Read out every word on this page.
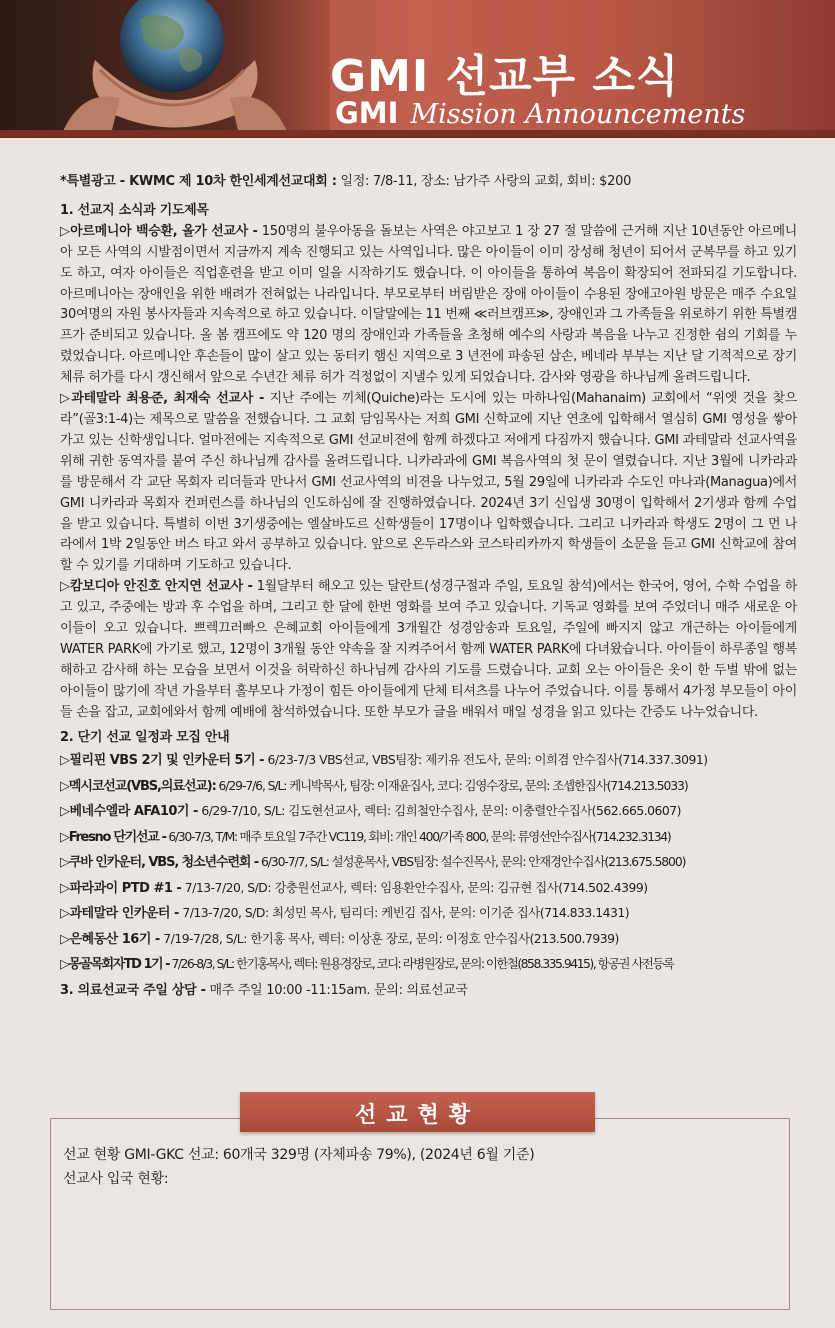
GMI 선교부 소식
GMI Mission Announcements

*특별광고 - KWMC 제 10차 한인세계선교대회 : 일정: 7/8-11, 장소: 남가주 사랑의 교회, 회비: $200

1. 선교지 소식과 기도제목

▷아르메니아 백승환, 올가 선교사 - 150명의 불우아동을 돌보는 사역은 야고보고 1 장 27 절 말씀에 근거해 지난 10년동안 아르메니아 모든 사역의 시발점이면서 지금까지 계속 진행되고 있는 사역입니다. 많은 아이들이 이미 장성해 청년이 되어서 군복무를 하고 있기도 하고, 여자 아이들은 직업훈련을 받고 이미 일을 시작하기도 했습니다. 이 아이들을 통하여 복음이 확장되어 전파되길 기도합니다. 아르메니아는 장애인을 위한 배려가 전혀없는 나라입니다. 부모로부터 버림받은 장애 아이들이 수용된 장애고아원 방문은 매주 수요일 30여명의 자원 봉사자들과 지속적으로 하고 있습니다. 이달말에는 11 번째 ≪러브캠프≫, 장애인과 그 가족들을 위로하기 위한 특별캠프가 준비되고 있습니다. 올 봄 캠프에도 약 120 명의 장애인과 가족들을 초청해 예수의 사랑과 복음을 나누고 진정한 쉼의 기회를 누렸었습니다. 아르메니안 후손들이 많이 살고 있는 동터키 햄신 지역으로 3 년전에 파송된 삼손, 베네라 부부는 지난 달 기적적으로 장기체류 허가를 다시 갱신해서 앞으로 수년간 체류 허가 걱정없이 지낼수 있게 되었습니다. 감사와 영광을 하나님께 올려드립니다.

▷과테말라 최용준, 최재숙 선교사 - 지난 주에는 끼체(Quiche)라는 도시에 있는 마하나임(Mahanaim) 교회에서 “위엣 것을 찾으라”(골3:1-4)는 제목으로 말씀을 전했습니다. 그 교회 담임목사는 저희 GMI 신학교에 지난 연초에 입학해서 열심히 GMI 영성을 쌓아가고 있는 신학생입니다. 얼마전에는 지속적으로 GMI 선교비젼에 함께 하겠다고 저에게 다짐까지 했습니다. GMI 과테말라 선교사역을 위해 귀한 동역자를 붙여 주신 하나님께 감사를 올려드립니다. 니카라과에 GMI 복음사역의 첫 문이 열렸습니다. 지난 3월에 니카라과를 방문해서 각 교단 목회자 리더들과 만나서 GMI 선교사역의 비젼을 나누었고, 5월 29일에 니카라과 수도인 마나과(Managua)에서 GMI 니카라과 목회자 컨퍼런스를 하나님의 인도하심에 잘 진행하였습니다. 2024년 3기 신입생 30명이 입학해서 2기생과 함께 수업을 받고 있습니다. 특별히 이번 3기생중에는 엘살바도르 신학생들이 17명이나 입학했습니다. 그리고 니카라과 학생도 2명이 그 먼 나라에서 1박 2일동안 버스 타고 와서 공부하고 있습니다. 앞으로 온두라스와 코스타리카까지 학생들이 소문을 듣고 GMI 신학교에 참여할 수 있기를 기대하며 기도하고 있습니다.

▷캄보디아 안진호 안지연 선교사 - 1월달부터 해오고 있는 달란트(성경구절과 주일, 토요일 참석)에서는 한국어, 영어, 수학 수업을 하고 있고, 주중에는 방과 후 수업을 하며, 그리고 한 달에 한번 영화를 보여 주고 있습니다. 기독교 영화를 보여 주었더니 매주 새로운 아이들이 오고 있습니다. 쁘렉끄러빠으 은혜교회 아이들에게 3개월간 성경암송과 토요일, 주일에 빠지지 않고 개근하는 아이들에게 WATER PARK에 가기로 했고, 12명이 3개월 동안 약속을 잘 지켜주어서 함께 WATER PARK에 다녀왔습니다. 아이들이 하루종일 행복해하고 감사해 하는 모습을 보면서 이것을 허락하신 하나님께 감사의 기도를 드렸습니다. 교회 오는 아이들은 옷이 한 두벌 밖에 없는 아이들이 많기에 작년 가을부터 홀부모나 가정이 힘든 아이들에게 단체 티셔츠를 나누어 주었습니다. 이를 통해서 4가정 부모들이 아이들 손을 잡고, 교회에와서 함께 예배에 참석하였습니다. 또한 부모가 글을 배워서 매일 성경을 읽고 있다는 간증도 나누었습니다.

2. 단기 선교 일정과 모집 안내

▷필리핀 VBS 2기 및 인카운터 5기 - 6/23-7/3 VBS선교, VBS팀장: 제키유 전도사, 문의: 이희겸 안수집사(714.337.3091)

▷멕시코선교(VBS,의료선교): 6/29-7/6, S/L: 케니박목사, 팀장: 이재윤집사, 코디: 김영수장로, 문의: 조셉한집사(714.213.5033)

▷베네수엘라 AFA10기 - 6/29-7/10, S/L: 김도현선교사, 렉터: 김희철안수집사, 문의: 이충렬안수집사(562.665.0607)

▷Fresno 단기선교 - 6/30-7/3, T/M: 매주 토요일 7주간 VC119, 회비: 개인 400/가족 800, 문의: 류영선안수집사(714.232.3134)

▷쿠바 인카운터, VBS, 청소년수련회 - 6/30-7/7, S/L: 설성훈목사, VBS팀장: 설수진목사, 문의: 안재경안수집사(213.675.5800)

▷파라과이 PTD #1 - 7/13-7/20, S/D: 강충원선교사, 렉터: 임용환안수집사, 문의: 김규현 집사(714.502.4399)

▷과테말라 인카운터 - 7/13-7/20, S/D: 최성민 목사, 팀리더: 케빈김 집사, 문의: 이기준 집사(714.833.1431)

▷은혜동산 16기 - 7/19-7/28, S/L: 한기홍 목사, 렉터: 이상훈 장로, 문의: 이정호 안수집사(213.500.7939)

▷몽골목회자TD 1기 - 7/26-8/3, S/L: 한기홍목사, 렉터: 원용경장로, 코디: 라병원장로, 문의: 이한철(858.335.9415), 항공권 사전등록

3. 의료선교국 주일 상담 - 매주 주일 10:00 -11:15am. 문의: 의료선교국

선교 현황 GMI-GKC 선교: 60개국 329명 (자체파송 79%), (2024년 6월 기준)
선교사 입국 현황:
선교현황
